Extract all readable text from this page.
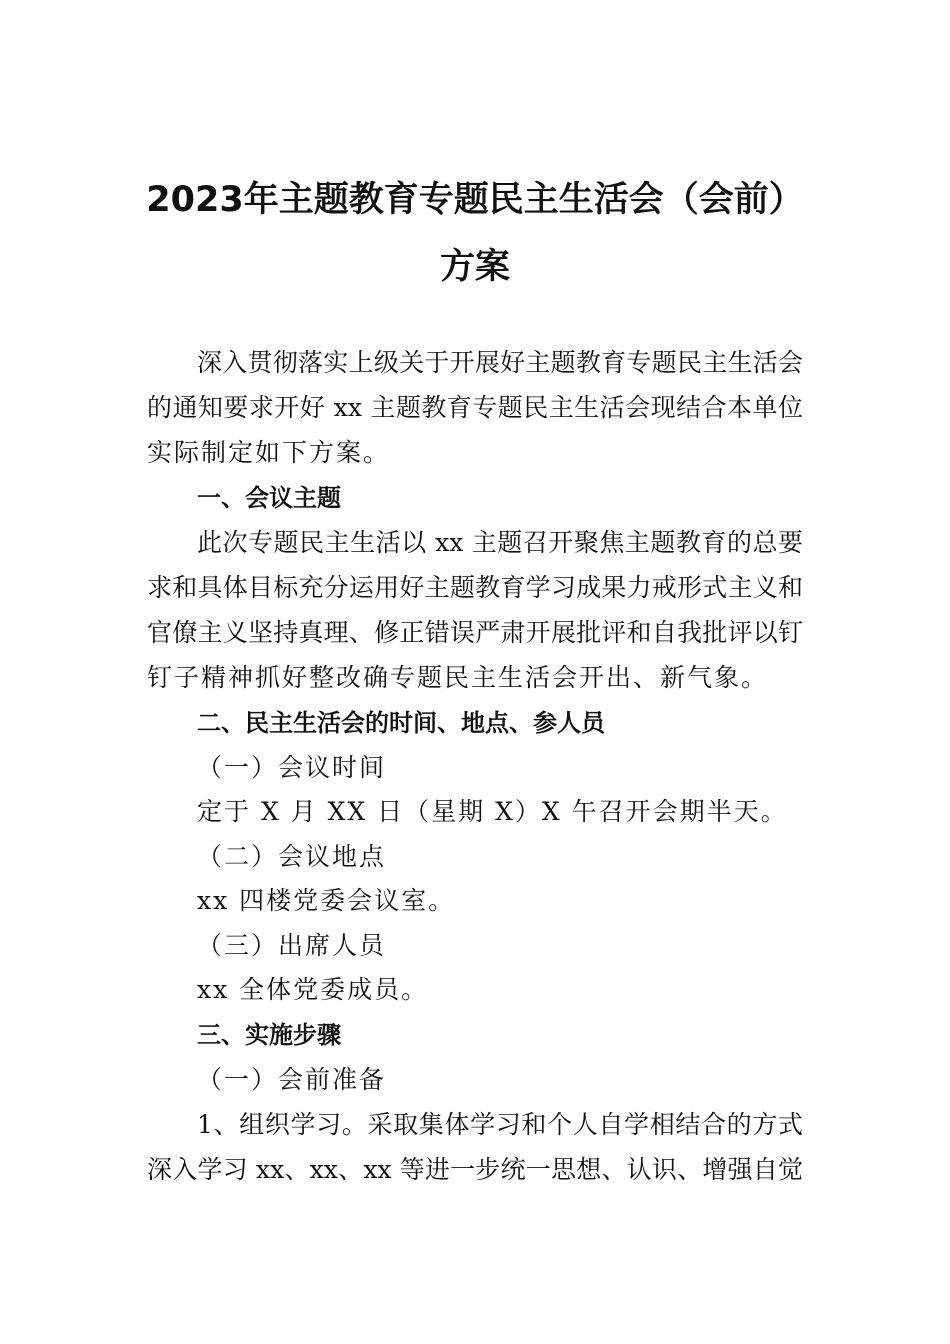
2023年主题教育专题民主生活会（会前）
方案
深入贯彻落实上级关于开展好主题教育专题民主生活会
的通知要求开好 xx 主题教育专题民主生活会现结合本单位
实际制定如下方案。
一、会议主题
此次专题民主生活以 xx 主题召开聚焦主题教育的总要
求和具体目标充分运用好主题教育学习成果力戒形式主义和
官僚主义坚持真理、修正错误严肃开展批评和自我批评以钉
钉子精神抓好整改确专题民主生活会开出、新气象。
二、民主生活会的时间、地点、参人员
（一）会议时间
定于 X 月 XX 日（星期 X）X 午召开会期半天。
（二）会议地点
xx 四楼党委会议室。
（三）出席人员
xx 全体党委成员。
三、实施步骤
（一）会前准备
1、组织学习。采取集体学习和个人自学相结合的方式
深入学习 xx、xx、xx 等进一步统一思想、认识、增强自觉
